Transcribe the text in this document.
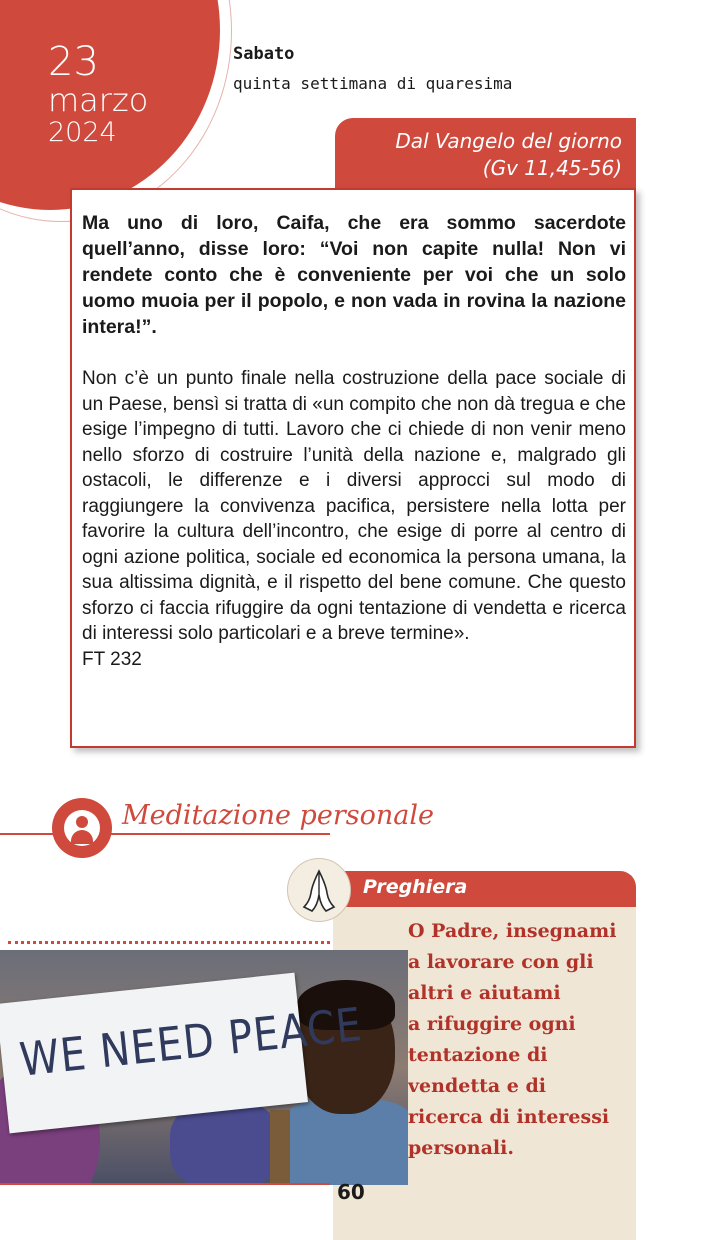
23
marzo
2024
Sabato
quinta settimana di quaresima
Dal Vangelo del giorno
(Gv 11,45-56)

Ma uno di loro, Caifa, che era sommo sacerdote quell’anno, disse loro: “Voi non capite nulla! Non vi rendete conto che è conveniente per voi che un solo uomo muoia per il popolo, e non vada in rovina la nazione intera!”.

Non c’è un punto finale nella costruzione della pace sociale di un Paese, bensì si tratta di «un compito che non dà tregua e che esige l’impegno di tutti. Lavoro che ci chiede di non venir meno nello sforzo di costruire l’unità della nazione e, malgrado gli ostacoli, le differenze e i diversi approcci sul modo di raggiungere la convivenza pacifica, persistere nella lotta per favorire la cultura dell’incontro, che esige di porre al centro di ogni azione politica, sociale ed economica la persona umana, la sua altissima dignità, e il rispetto del bene comune. Che questo sforzo ci faccia rifuggire da ogni tentazione di vendetta e ricerca di interessi solo particolari e a breve termine».

FT 232

Meditazione personale
Preghiera
O Padre, insegnami
a lavorare con gli
altri e aiutami
a rifuggire ogni
tentazione di
vendetta e di
ricerca di interessi
personali.
WE NEED PEACE
60
